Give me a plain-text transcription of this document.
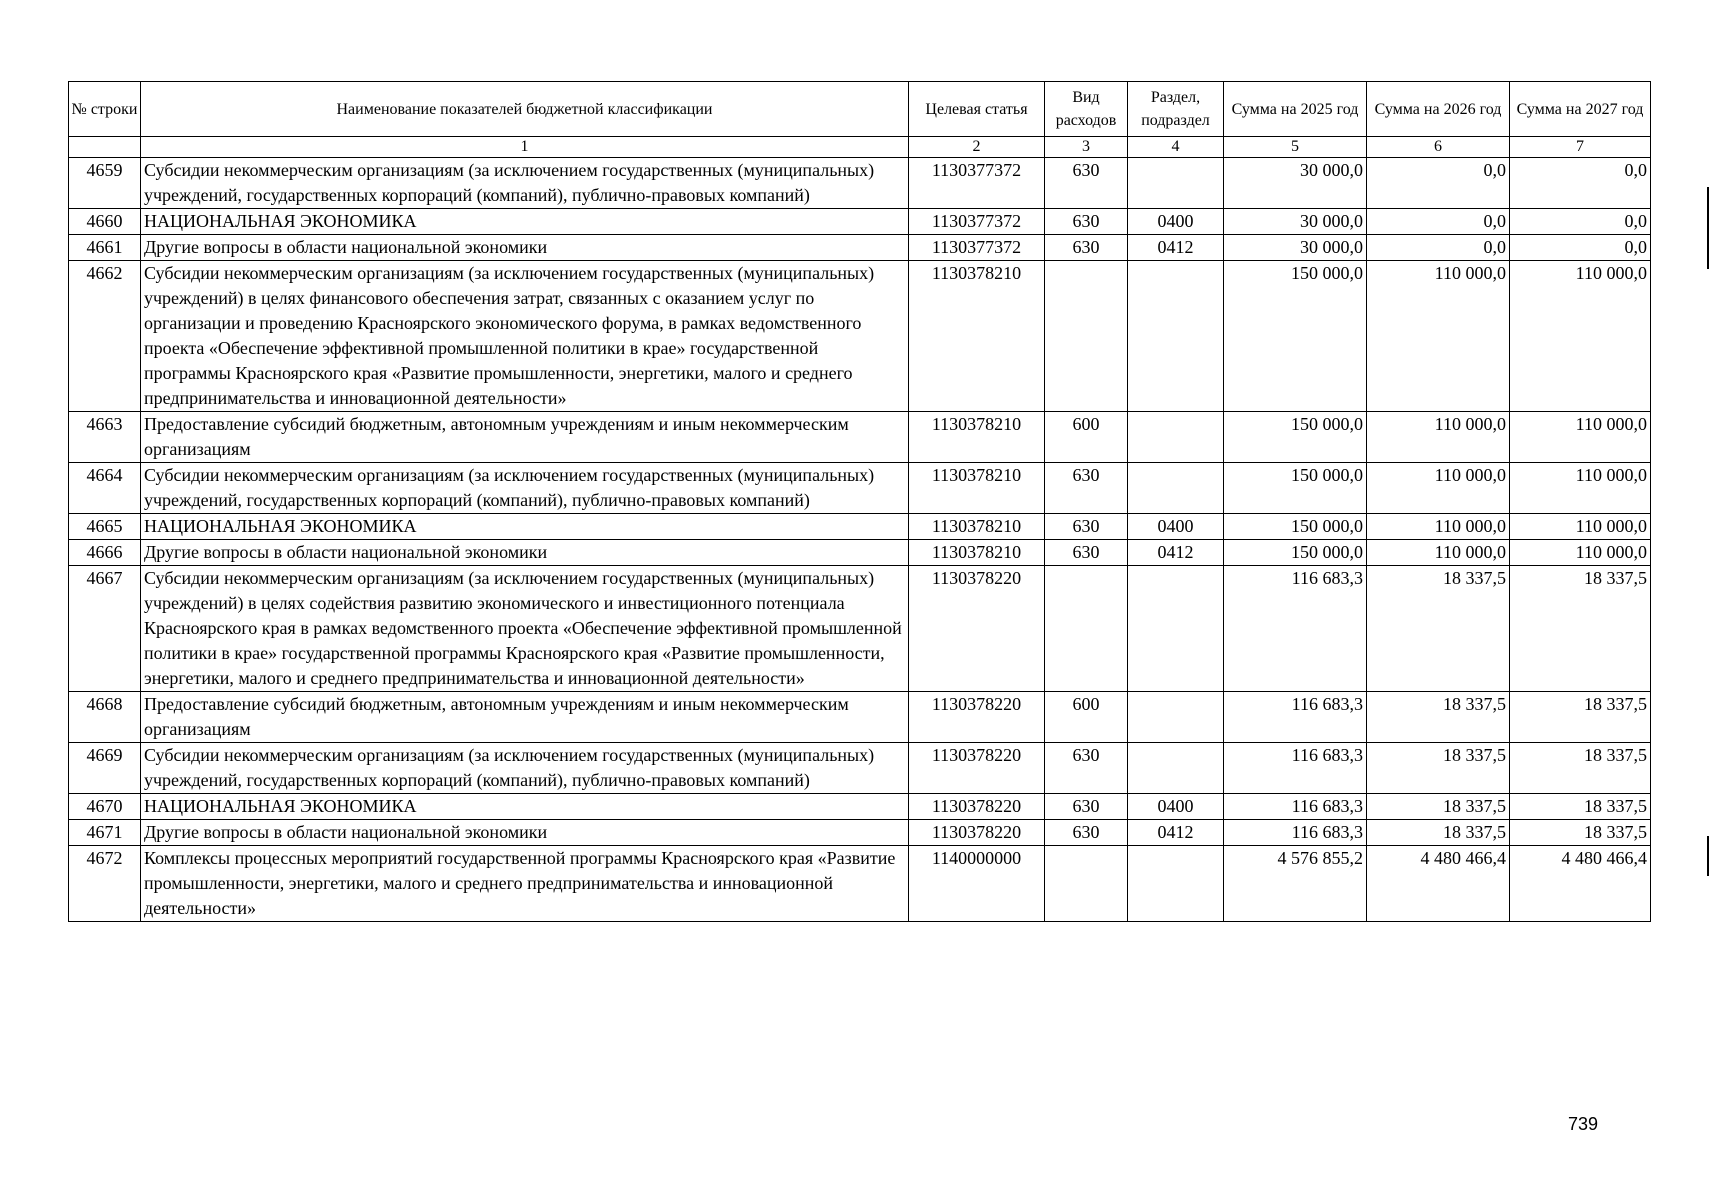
№ строки	Наименование показателей бюджетной классификации	Целевая статья	Вид расходов	Раздел, подраздел	Сумма на 2025 год	Сумма на 2026 год	Сумма на 2027 год
	1	2	3	4	5	6	7
4659	Субсидии некоммерческим организациям (за исключением государственных (муниципальных) учреждений, государственных корпораций (компаний), публично-правовых компаний)	1130377372	630		30 000,0	0,0	0,0
4660	НАЦИОНАЛЬНАЯ ЭКОНОМИКА	1130377372	630	0400	30 000,0	0,0	0,0
4661	Другие вопросы в области национальной экономики	1130377372	630	0412	30 000,0	0,0	0,0
4662	Субсидии некоммерческим организациям (за исключением государственных (муниципальных) учреждений) в целях финансового обеспечения затрат, связанных с оказанием услуг по организации и проведению Красноярского экономического форума, в рамках ведомственного проекта «Обеспечение эффективной промышленной политики в крае» государственной программы Красноярского края «Развитие промышленности, энергетики, малого и среднего предпринимательства и инновационной деятельности»	1130378210			150 000,0	110 000,0	110 000,0
4663	Предоставление субсидий бюджетным, автономным учреждениям и иным некоммерческим организациям	1130378210	600		150 000,0	110 000,0	110 000,0
4664	Субсидии некоммерческим организациям (за исключением государственных (муниципальных) учреждений, государственных корпораций (компаний), публично-правовых компаний)	1130378210	630		150 000,0	110 000,0	110 000,0
4665	НАЦИОНАЛЬНАЯ ЭКОНОМИКА	1130378210	630	0400	150 000,0	110 000,0	110 000,0
4666	Другие вопросы в области национальной экономики	1130378210	630	0412	150 000,0	110 000,0	110 000,0
4667	Субсидии некоммерческим организациям (за исключением государственных (муниципальных) учреждений) в целях содействия развитию экономического и инвестиционного потенциала Красноярского края в рамках ведомственного проекта «Обеспечение эффективной промышленной политики в крае» государственной программы Красноярского края «Развитие промышленности, энергетики, малого и среднего предпринимательства и инновационной деятельности»	1130378220			116 683,3	18 337,5	18 337,5
4668	Предоставление субсидий бюджетным, автономным учреждениям и иным некоммерческим организациям	1130378220	600		116 683,3	18 337,5	18 337,5
4669	Субсидии некоммерческим организациям (за исключением государственных (муниципальных) учреждений, государственных корпораций (компаний), публично-правовых компаний)	1130378220	630		116 683,3	18 337,5	18 337,5
4670	НАЦИОНАЛЬНАЯ ЭКОНОМИКА	1130378220	630	0400	116 683,3	18 337,5	18 337,5
4671	Другие вопросы в области национальной экономики	1130378220	630	0412	116 683,3	18 337,5	18 337,5
4672	Комплексы процессных мероприятий государственной программы Красноярского края «Развитие промышленности, энергетики, малого и среднего предпринимательства и инновационной деятельности»	1140000000			4 576 855,2	4 480 466,4	4 480 466,4
739
